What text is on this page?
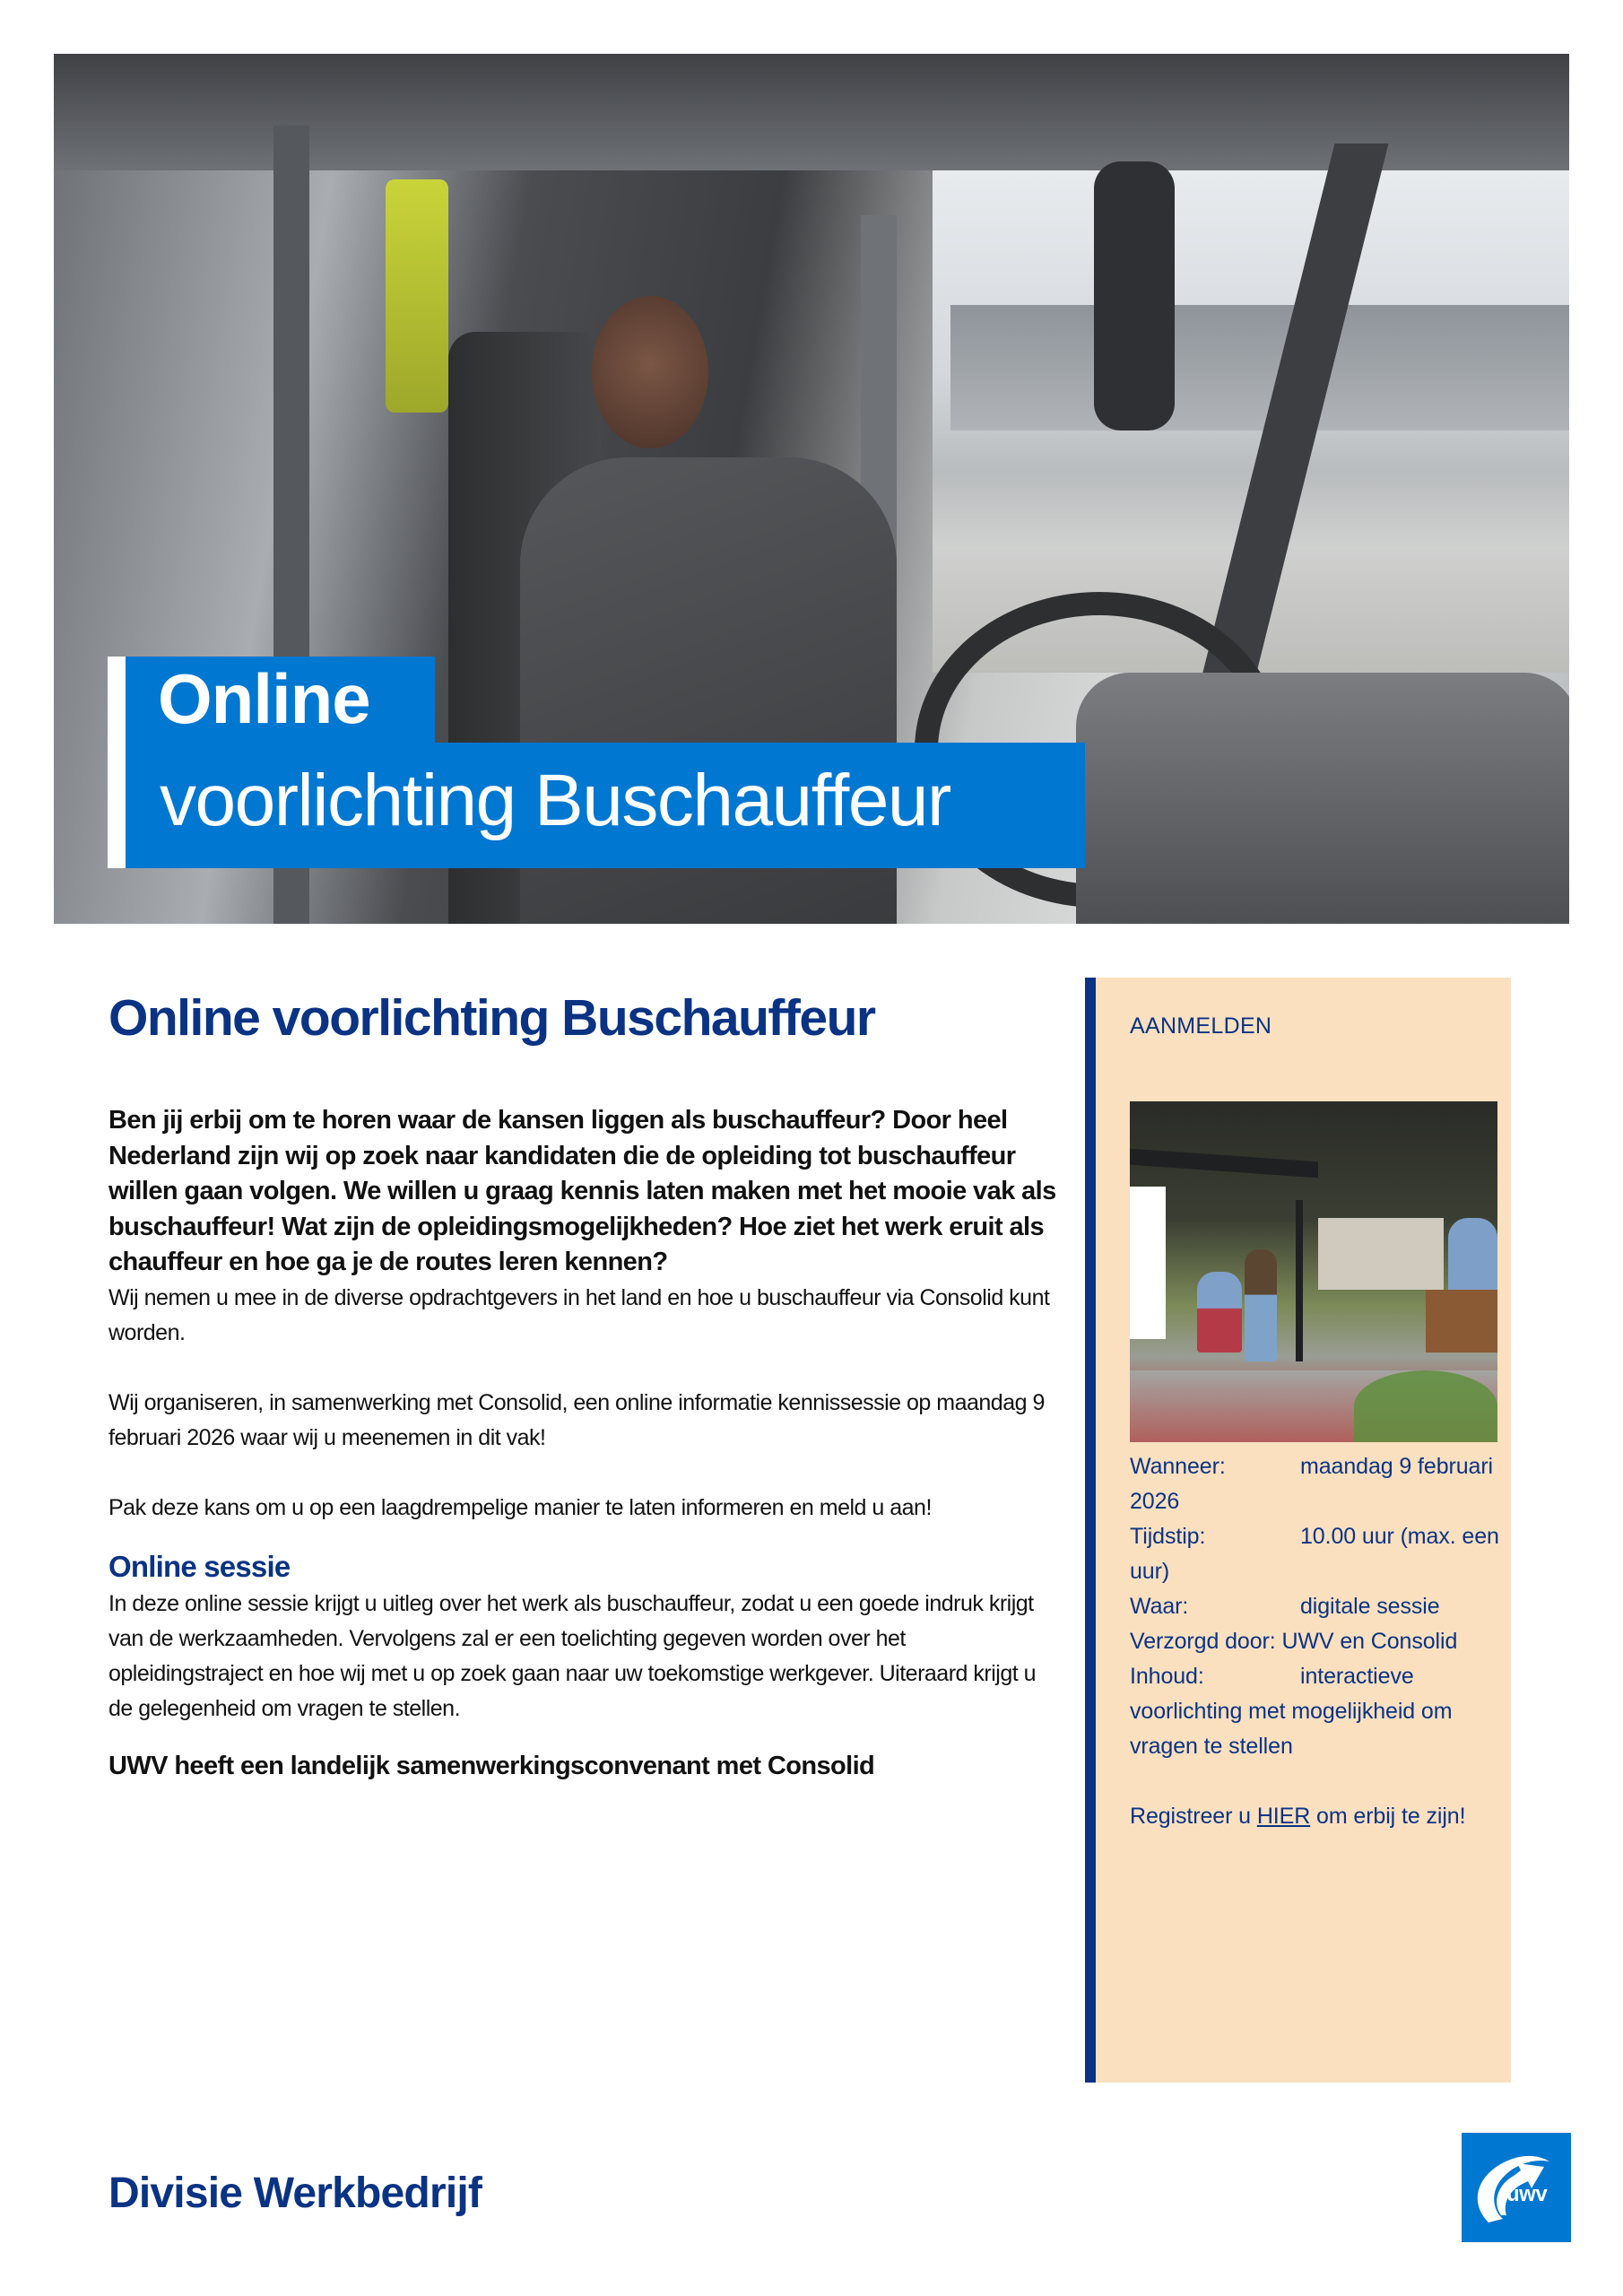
Online
voorlichting Buschauffeur
Online voorlichting Buschauffeur
Ben jij erbij om te horen waar de kansen liggen als buschauffeur? Door heel Nederland zijn wij op zoek naar kandidaten die de opleiding tot buschauffeur willen gaan volgen. We willen u graag kennis laten maken met het mooie vak als buschauffeur! Wat zijn de opleidingsmogelijkheden? Hoe ziet het werk eruit als chauffeur en hoe ga je de routes leren kennen?
Wij nemen u mee in de diverse opdrachtgevers in het land en hoe u buschauffeur via Consolid kunt worden.
Wij organiseren, in samenwerking met Consolid, een online informatie kennissessie op maandag 9 februari 2026 waar wij u meenemen in dit vak!
Pak deze kans om u op een laagdrempelige manier te laten informeren en meld u aan!
Online sessie
In deze online sessie krijgt u uitleg over het werk als buschauffeur, zodat u een goede indruk krijgt van de werkzaamheden. Vervolgens zal er een toelichting gegeven worden over het opleidingstraject en hoe wij met u op zoek gaan naar uw toekomstige werkgever. Uiteraard krijgt u de gelegenheid om vragen te stellen.
UWV heeft een landelijk samenwerkingsconvenant met Consolid
AANMELDEN
Wanneer:	maandag 9 februari 2026
Tijdstip:	10.00 uur (max. een uur)
Waar:	digitale sessie
Verzorgd door: UWV en Consolid
Inhoud:	interactieve voorlichting met mogelijkheid om vragen te stellen
Registreer u HIER om erbij te zijn!
Divisie Werkbedrijf	uwv
